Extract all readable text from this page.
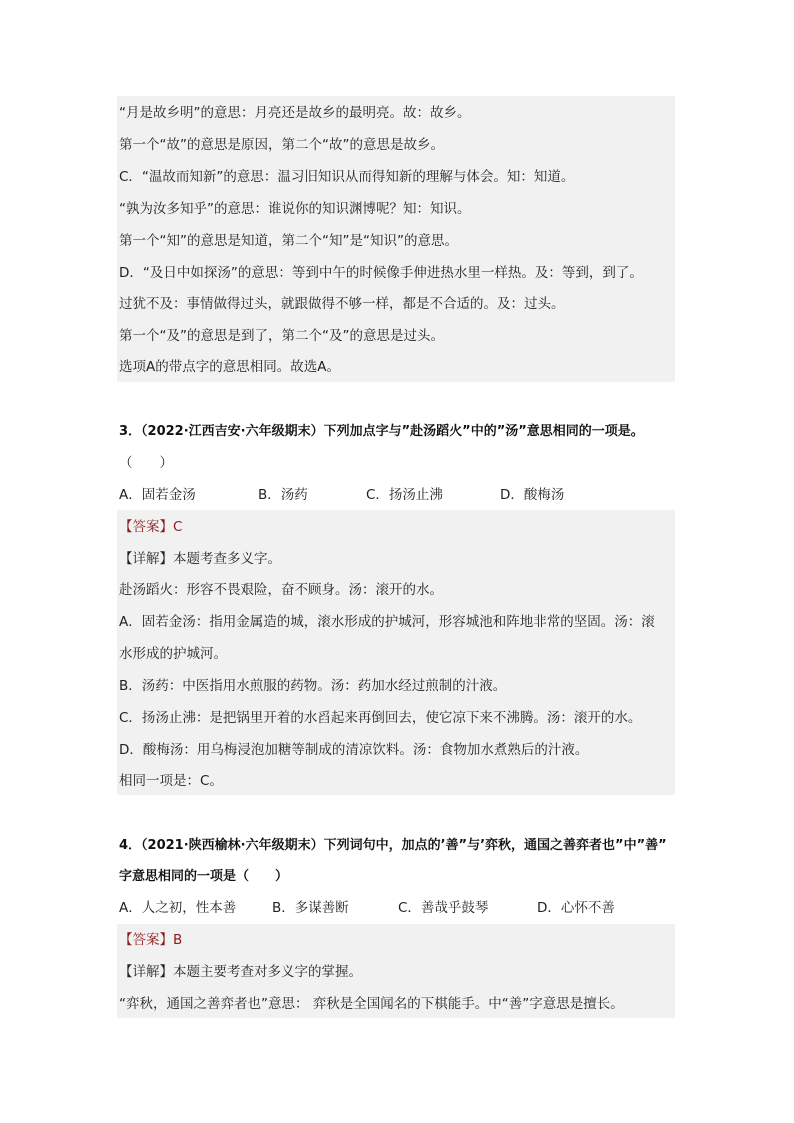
“月是故乡明”的意思：月亮还是故乡的最明亮。故：故乡。
第一个“故”的意思是原因，第二个“故”的意思是故乡。
C．“温故而知新”的意思：温习旧知识从而得知新的理解与体会。知：知道。
“孰为汝多知乎”的意思：谁说你的知识渊博呢？知：知识。
第一个“知”的意思是知道，第二个“知”是“知识”的意思。
D．“及日中如探汤”的意思：等到中午的时候像手伸进热水里一样热。及：等到，到了。
过犹不及：事情做得过头，就跟做得不够一样，都是不合适的。及：过头。
第一个“及”的意思是到了，第二个“及”的意思是过头。
选项A的带点字的意思相同。故选A。
3．（2022·江西吉安·六年级期末）下列加点字与”赴汤蹈火”中的”汤”意思相同的一项是。
（　　）
A．固若金汤	B．汤药	C．扬汤止沸	D．酸梅汤
【答案】C
【详解】本题考查多义字。
赴汤蹈火：形容不畏艰险，奋不顾身。汤：滚开的水。
A．固若金汤：指用金属造的城，滚水形成的护城河，形容城池和阵地非常的坚固。汤：滚
水形成的护城河。
B．汤药：中医指用水煎服的药物。汤：药加水经过煎制的汁液。
C．扬汤止沸：是把锅里开着的水舀起来再倒回去，使它凉下来不沸腾。汤：滚开的水。
D．酸梅汤：用乌梅浸泡加糖等制成的清凉饮料。汤：食物加水煮熟后的汁液。
相同一项是：C。
4．（2021·陕西榆林·六年级期末）下列词句中，加点的’善”与’弈秋，通国之善弈者也”中”善”
字意思相同的一项是（　　）
A．人之初，性本善	B．多谋善断	C．善哉乎鼓琴	D．心怀不善
【答案】B
【详解】本题主要考查对多义字的掌握。
“弈秋，通国之善弈者也”意思： 弈秋是全国闻名的下棋能手。中“善”字意思是擅长。
